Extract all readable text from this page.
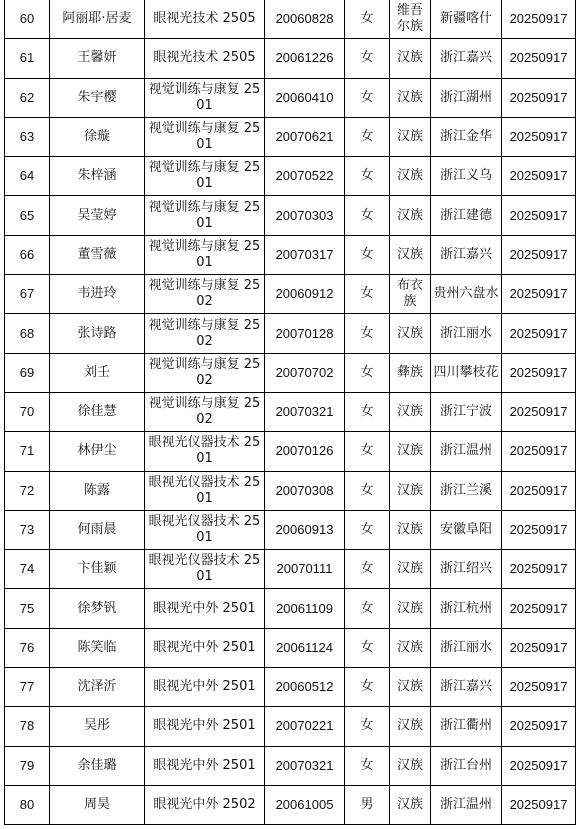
60	阿丽耶·居麦	眼视光技术 2505	20060828	女	维吾尔族	新疆喀什	20250917

61	王馨妍	眼视光技术 2505	20061226	女	汉族	浙江嘉兴	20250917

62	朱宇樱	视觉训练与康复 2501	20060410	女	汉族	浙江湖州	20250917

63	徐璇	视觉训练与康复 2501	20070621	女	汉族	浙江金华	20250917

64	朱梓涵	视觉训练与康复 2501	20070522	女	汉族	浙江义乌	20250917

65	吴莹婷	视觉训练与康复 2501	20070303	女	汉族	浙江建德	20250917

66	董雪薇	视觉训练与康复 2501	20070317	女	汉族	浙江嘉兴	20250917

67	韦进玲	视觉训练与康复 2502	20060912	女	布衣族	贵州六盘水	20250917

68	张诗路	视觉训练与康复 2502	20070128	女	汉族	浙江丽水	20250917

69	刘壬	视觉训练与康复 2502	20070702	女	彝族	四川攀枝花	20250917

70	徐佳慧	视觉训练与康复 2502	20070321	女	汉族	浙江宁波	20250917

71	林伊尘	眼视光仪器技术 2501	20070126	女	汉族	浙江温州	20250917

72	陈露	眼视光仪器技术 2501	20070308	女	汉族	浙江兰溪	20250917

73	何雨晨	眼视光仪器技术 2501	20060913	女	汉族	安徽阜阳	20250917

74	卞佳颖	眼视光仪器技术 2501	20070111	女	汉族	浙江绍兴	20250917

75	徐梦钒	眼视光中外 2501	20061109	女	汉族	浙江杭州	20250917

76	陈笑临	眼视光中外 2501	20061124	女	汉族	浙江丽水	20250917

77	沈泽沂	眼视光中外 2501	20060512	女	汉族	浙江嘉兴	20250917

78	吴彤	眼视光中外 2501	20070221	女	汉族	浙江衢州	20250917

79	余佳璐	眼视光中外 2501	20070321	女	汉族	浙江台州	20250917

80	周昊	眼视光中外 2502	20061005	男	汉族	浙江温州	20250917
